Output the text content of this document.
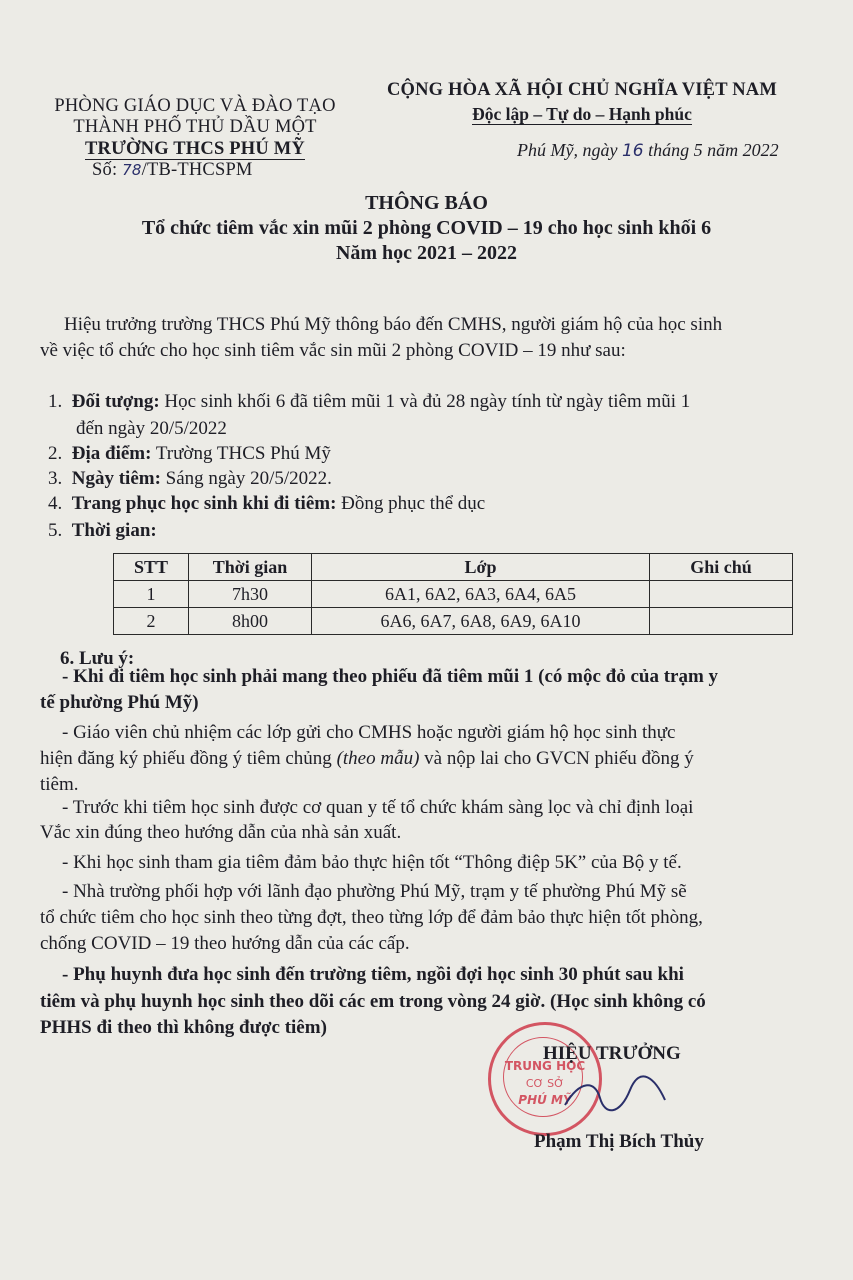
PHÒNG GIÁO DỤC VÀ ĐÀO TẠO
THÀNH PHỐ THỦ DẦU MỘT
TRƯỜNG THCS PHÚ MỸ
Số: 78/TB-THCSPM
CỘNG HÒA XÃ HỘI CHỦ NGHĨA VIỆT NAM
Độc lập – Tự do – Hạnh phúc
Phú Mỹ, ngày 16 tháng 5 năm 2022
THÔNG BÁO
Tổ chức tiêm vắc xin mũi 2 phòng COVID – 19 cho học sinh khối 6
Năm học 2021 – 2022
Hiệu trưởng trường THCS Phú Mỹ thông báo đến CMHS, người giám hộ của học sinh
về việc tổ chức cho học sinh tiêm vắc sin mũi 2 phòng COVID – 19 như sau:
1. Đối tượng: Học sinh khối 6 đã tiêm mũi 1 và đủ 28 ngày tính từ ngày tiêm mũi 1
đến ngày 20/5/2022
2. Địa điểm: Trường THCS Phú Mỹ
3. Ngày tiêm: Sáng ngày 20/5/2022.
4. Trang phục học sinh khi đi tiêm: Đồng phục thể dục
5. Thời gian:
STT	Thời gian	Lớp	Ghi chú
1	7h30	6A1, 6A2, 6A3, 6A4, 6A5	
2	8h00	6A6, 6A7, 6A8, 6A9, 6A10	
6. Lưu ý:
- Khi đi tiêm học sinh phải mang theo phiếu đã tiêm mũi 1 (có mộc đỏ của trạm y
tế phường Phú Mỹ)
- Giáo viên chủ nhiệm các lớp gửi cho CMHS hoặc người giám hộ học sinh thực
hiện đăng ký phiếu đồng ý tiêm chủng (theo mẫu) và nộp lai cho GVCN phiếu đồng ý
tiêm.
- Trước khi tiêm học sinh được cơ quan y tế tổ chức khám sàng lọc và chỉ định loại
Vắc xin đúng theo hướng dẫn của nhà sản xuất.
- Khi học sinh tham gia tiêm đảm bảo thực hiện tốt “Thông điệp 5K” của Bộ y tế.
- Nhà trường phối hợp với lãnh đạo phường Phú Mỹ, trạm y tế phường Phú Mỹ sẽ
tổ chức tiêm cho học sinh theo từng đợt, theo từng lớp để đảm bảo thực hiện tốt phòng,
chống COVID – 19 theo hướng dẫn của các cấp.
- Phụ huynh đưa học sinh đến trường tiêm, ngồi đợi học sinh 30 phút sau khi
tiêm và phụ huynh học sinh theo dõi các em trong vòng 24 giờ. (Học sinh không có
PHHS đi theo thì không được tiêm)
TRUNG HỌC
CƠ SỞ
PHÚ MỸ
HIỆU TRƯỞNG
Phạm Thị Bích Thủy
